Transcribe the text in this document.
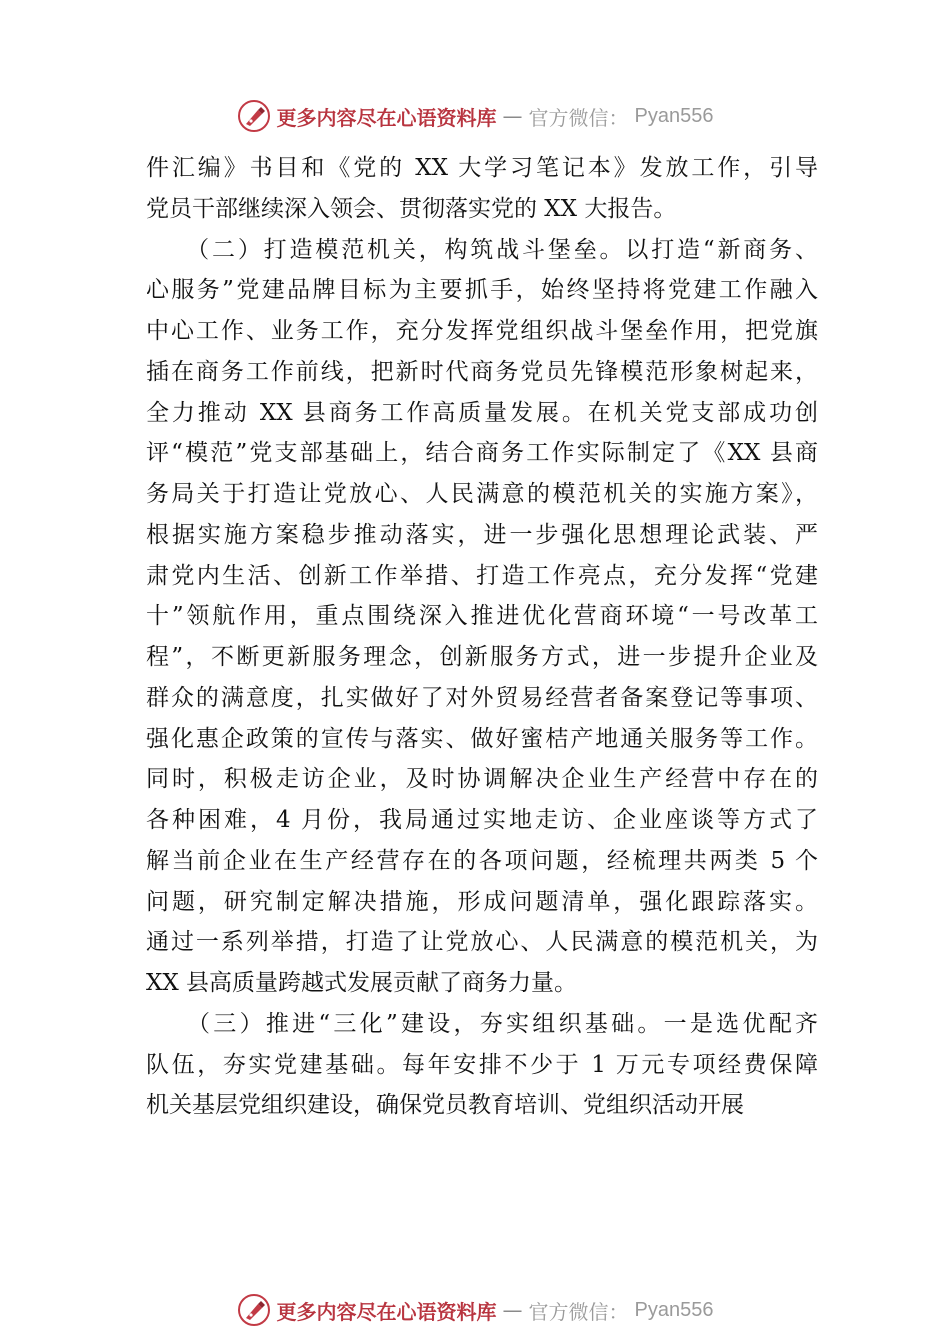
更多内容尽在心语资料库 — 官方微信： Pyan556
件汇编》书目和《党的 XX 大学习笔记本》发放工作，引导
党员干部继续深入领会、贯彻落实党的 XX 大报告。
　　（二）打造模范机关，构筑战斗堡垒。以打造“新商务、
心服务”党建品牌目标为主要抓手，始终坚持将党建工作融入
中心工作、业务工作，充分发挥党组织战斗堡垒作用，把党旗
插在商务工作前线，把新时代商务党员先锋模范形象树起来，
全力推动 XX 县商务工作高质量发展。在机关党支部成功创
评“模范”党支部基础上，结合商务工作实际制定了《XX 县商
务局关于打造让党放心、人民满意的模范机关的实施方案》，
根据实施方案稳步推动落实，进一步强化思想理论武装、严
肃党内生活、创新工作举措、打造工作亮点，充分发挥“党建
十”领航作用，重点围绕深入推进优化营商环境“一号改革工
程”，不断更新服务理念，创新服务方式，进一步提升企业及
群众的满意度，扎实做好了对外贸易经营者备案登记等事项、
强化惠企政策的宣传与落实、做好蜜桔产地通关服务等工作。
同时，积极走访企业，及时协调解决企业生产经营中存在的
各种困难，4 月份，我局通过实地走访、企业座谈等方式了
解当前企业在生产经营存在的各项问题，经梳理共两类 5 个
问题，研究制定解决措施，形成问题清单，强化跟踪落实。
通过一系列举措，打造了让党放心、人民满意的模范机关，为
XX 县高质量跨越式发展贡献了商务力量。
　　（三）推进“三化”建设，夯实组织基础。一是选优配齐
队伍，夯实党建基础。每年安排不少于 1 万元专项经费保障
机关基层党组织建设，确保党员教育培训、党组织活动开展
更多内容尽在心语资料库 — 官方微信： Pyan556
